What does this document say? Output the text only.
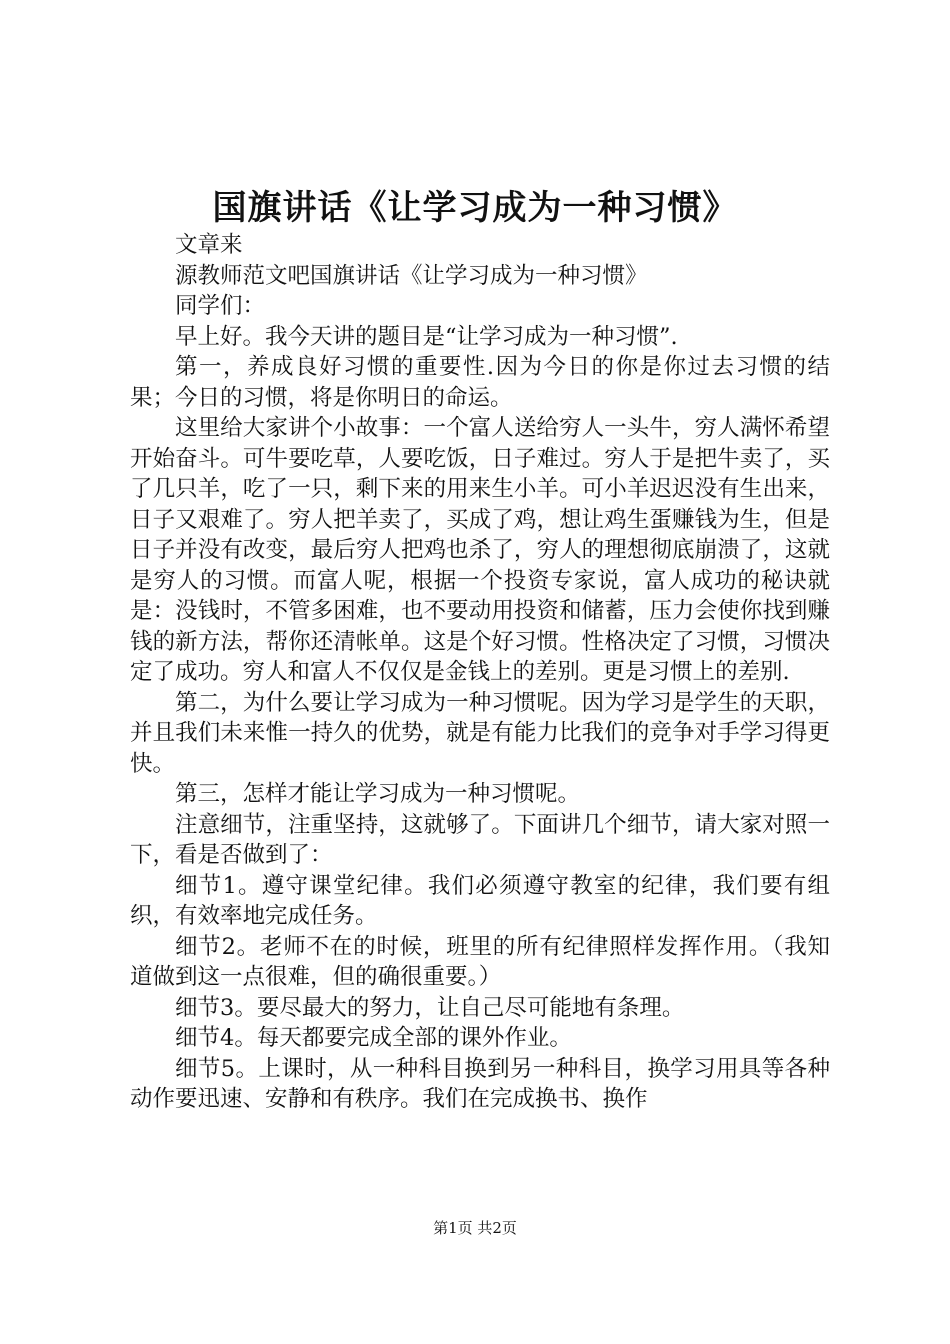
国旗讲话《让学习成为一种习惯》

文章来

源教师范文吧国旗讲话《让学习成为一种习惯》

同学们：

早上好。我今天讲的题目是“让学习成为一种习惯”.

第一，养成良好习惯的重要性.因为今日的你是你过去习惯的结果；今日的习惯，将是你明日的命运。

这里给大家讲个小故事：一个富人送给穷人一头牛，穷人满怀希望开始奋斗。可牛要吃草，人要吃饭，日子难过。穷人于是把牛卖了，买了几只羊，吃了一只，剩下来的用来生小羊。可小羊迟迟没有生出来，日子又艰难了。穷人把羊卖了，买成了鸡，想让鸡生蛋赚钱为生，但是日子并没有改变，最后穷人把鸡也杀了，穷人的理想彻底崩溃了，这就是穷人的习惯。而富人呢，根据一个投资专家说，富人成功的秘诀就是：没钱时，不管多困难，也不要动用投资和储蓄，压力会使你找到赚钱的新方法，帮你还清帐单。这是个好习惯。性格决定了习惯，习惯决定了成功。穷人和富人不仅仅是金钱上的差别。更是习惯上的差别.

第二，为什么要让学习成为一种习惯呢。因为学习是学生的天职，并且我们未来惟一持久的优势，就是有能力比我们的竞争对手学习得更快。

第三，怎样才能让学习成为一种习惯呢。

注意细节，注重坚持，这就够了。下面讲几个细节，请大家对照一下，看是否做到了：

细节1。遵守课堂纪律。我们必须遵守教室的纪律，我们要有组织，有效率地完成任务。

细节2。老师不在的时候，班里的所有纪律照样发挥作用。（我知道做到这一点很难，但的确很重要。）

细节3。要尽最大的努力，让自己尽可能地有条理。

细节4。每天都要完成全部的课外作业。

细节5。上课时，从一种科目换到另一种科目，换学习用具等各种动作要迅速、安静和有秩序。我们在完成换书、换作

第1页 共2页
